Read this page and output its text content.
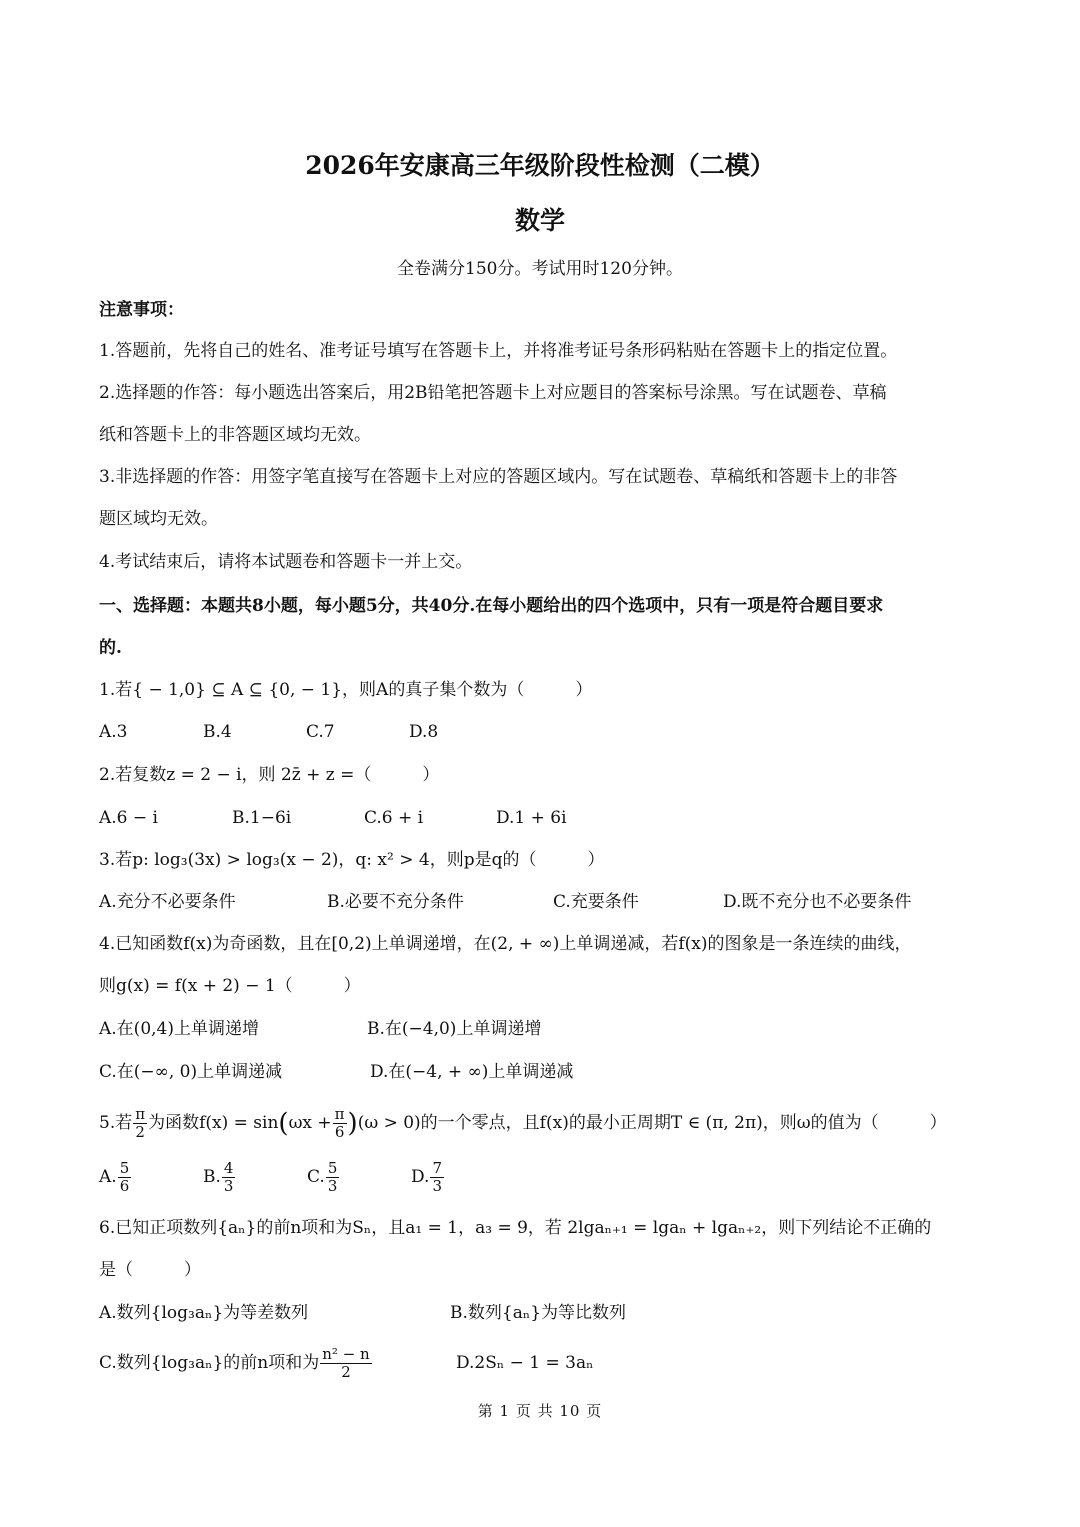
2026年安康高三年级阶段性检测（二模）
数学
全卷满分150分。考试用时120分钟。
注意事项：
1.答题前，先将自己的姓名、准考证号填写在答题卡上，并将准考证号条形码粘贴在答题卡上的指定位置。
2.选择题的作答：每小题选出答案后，用2B铅笔把答题卡上对应题目的答案标号涂黑。写在试题卷、草稿
纸和答题卡上的非答题区域均无效。
3.非选择题的作答：用签字笔直接写在答题卡上对应的答题区域内。写在试题卷、草稿纸和答题卡上的非答
题区域均无效。
4.考试结束后，请将本试题卷和答题卡一并上交。
一、选择题：本题共8小题，每小题5分，共40分.在每小题给出的四个选项中，只有一项是符合题目要求
的.
1.若{ − 1,0} ⊆ A ⊆ {0, − 1}，则A的真子集个数为（　　　）
A.3	B.4	C.7	D.8
2.若复数z = 2 − i，则 2z̄ + z =（　　　）
A.6 − i	B.1−6i	C.6 + i	D.1 + 6i
3.若p: log₃(3x) > log₃(x − 2)，q: x² > 4，则p是q的（　　　）
A.充分不必要条件	B.必要不充分条件	C.充要条件	D.既不充分也不必要条件
4.已知函数f(x)为奇函数，且在[0,2)上单调递增，在(2, + ∞)上单调递减，若f(x)的图象是一条连续的曲线，
则g(x) = f(x + 2) − 1（　　　）
A.在(0,4)上单调递增	B.在(−4,0)上单调递增
C.在(−∞, 0)上单调递减	D.在(−4, + ∞)上单调递减
5.若 $\frac{\pi}{2}$ 为函数$f(x) = \sin(\omega x + \frac{\pi}{6} )(\omega > 0)$的一个零点，且f(x)的最小正周期T ∈ (π, 2π)，则ω的值为（　　　）
A. $\frac{5}{6}$	B. $\frac{4}{3}$	C. $\frac{5}{3}$	D. $\frac{7}{3}$
6.已知正项数列{aₙ}的前n项和为Sₙ，且a₁ = 1，a₃ = 9，若 2lgaₙ₊₁ = lgaₙ + lgaₙ₊₂，则下列结论不正确的
是（　　　）
A.数列{log₃aₙ}为等差数列	B.数列{aₙ}为等比数列
C.数列{log₃aₙ}的前n项和为 $\frac{\text{n² − n}}{2}$	D.2Sₙ − 1 = 3aₙ
第 1 页 共 10 页
